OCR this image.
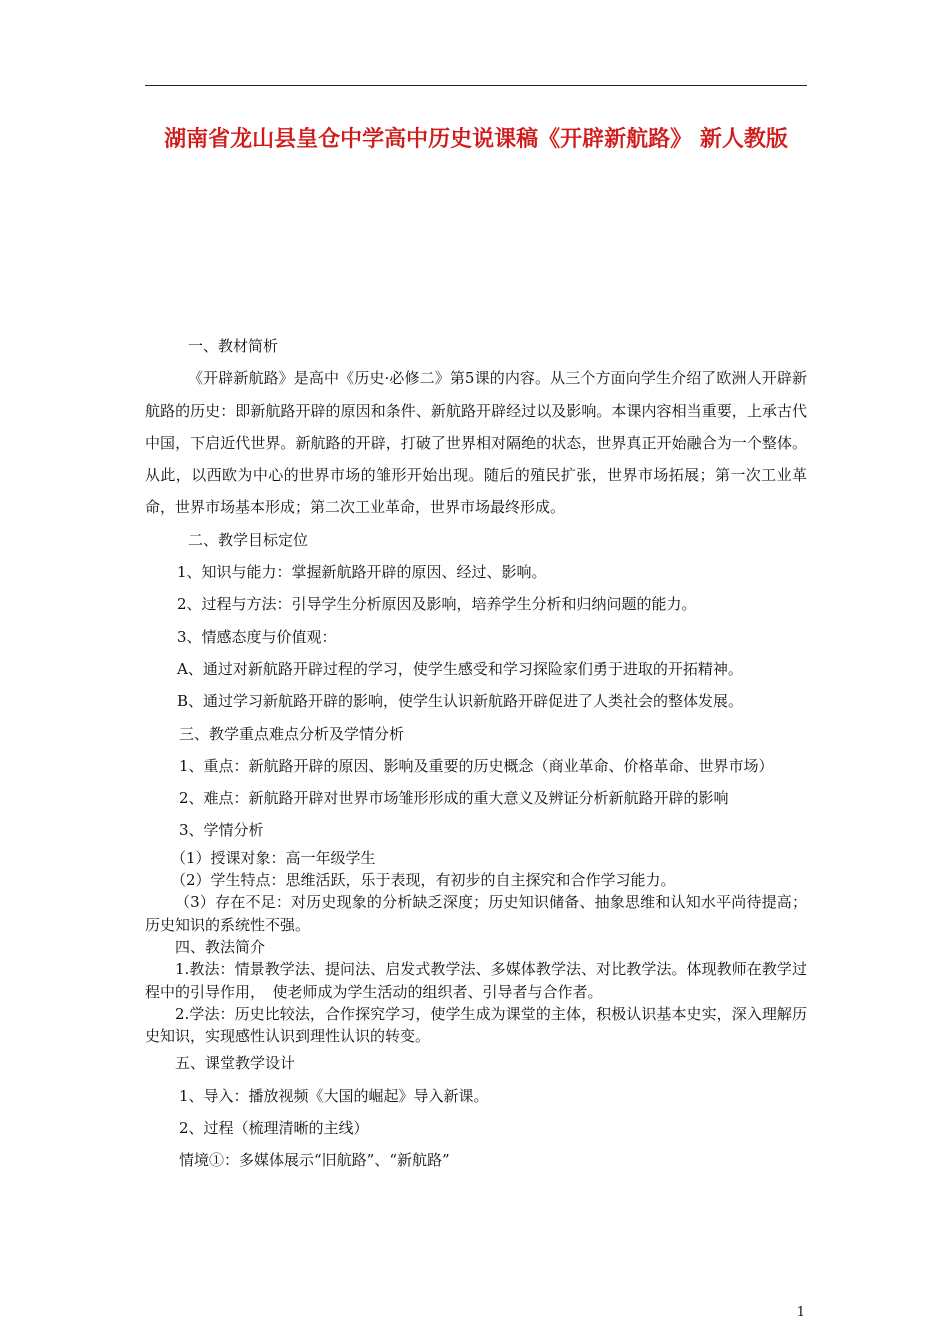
湖南省龙山县皇仓中学高中历史说课稿《开辟新航路》 新人教版

一、教材简析

《开辟新航路》是高中《历史·必修二》第5课的内容。从三个方面向学生介绍了欧洲人开辟新航路的历史：即新航路开辟的原因和条件、新航路开辟经过以及影响。本课内容相当重要，上承古代中国，下启近代世界。新航路的开辟，打破了世界相对隔绝的状态，世界真正开始融合为一个整体。从此，以西欧为中心的世界市场的雏形开始出现。随后的殖民扩张，世界市场拓展；第一次工业革命，世界市场基本形成；第二次工业革命，世界市场最终形成。

二、教学目标定位

1、知识与能力：掌握新航路开辟的原因、经过、影响。

2、过程与方法：引导学生分析原因及影响，培养学生分析和归纳问题的能力。

3、情感态度与价值观：

A、通过对新航路开辟过程的学习，使学生感受和学习探险家们勇于进取的开拓精神。

B、通过学习新航路开辟的影响，使学生认识新航路开辟促进了人类社会的整体发展。

三、教学重点难点分析及学情分析

1、重点：新航路开辟的原因、影响及重要的历史概念（商业革命、价格革命、世界市场）

2、难点：新航路开辟对世界市场雏形形成的重大意义及辨证分析新航路开辟的影响

3、学情分析

（1）授课对象：高一年级学生

（2）学生特点：思维活跃，乐于表现，有初步的自主探究和合作学习能力。

（3）存在不足：对历史现象的分析缺乏深度；历史知识储备、抽象思维和认知水平尚待提高；历史知识的系统性不强。

四、教法简介

1.教法：情景教学法、提问法、启发式教学法、多媒体教学法、对比教学法。体现教师在教学过程中的引导作用，　使老师成为学生活动的组织者、引导者与合作者。

2.学法：历史比较法，合作探究学习，使学生成为课堂的主体，积极认识基本史实，深入理解历史知识，实现感性认识到理性认识的转变。

五、课堂教学设计

1、导入：播放视频《大国的崛起》导入新课。

2、过程（梳理清晰的主线）

情境①：多媒体展示“旧航路”、“新航路”

1
